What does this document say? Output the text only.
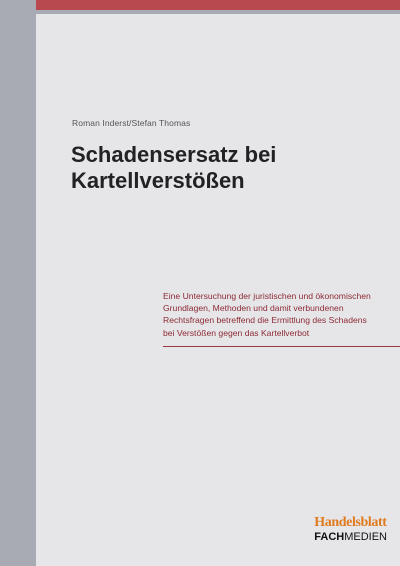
Roman Inderst/Stefan Thomas
Schadensersatz bei
Kartellverstößen
Eine Untersuchung der juristischen und ökonomischen
Grundlagen, Methoden und damit verbundenen
Rechtsfragen betreffend die Ermittlung des Schadens
bei Verstößen gegen das Kartellverbot
Handelsblatt
FACHMEDIEN
